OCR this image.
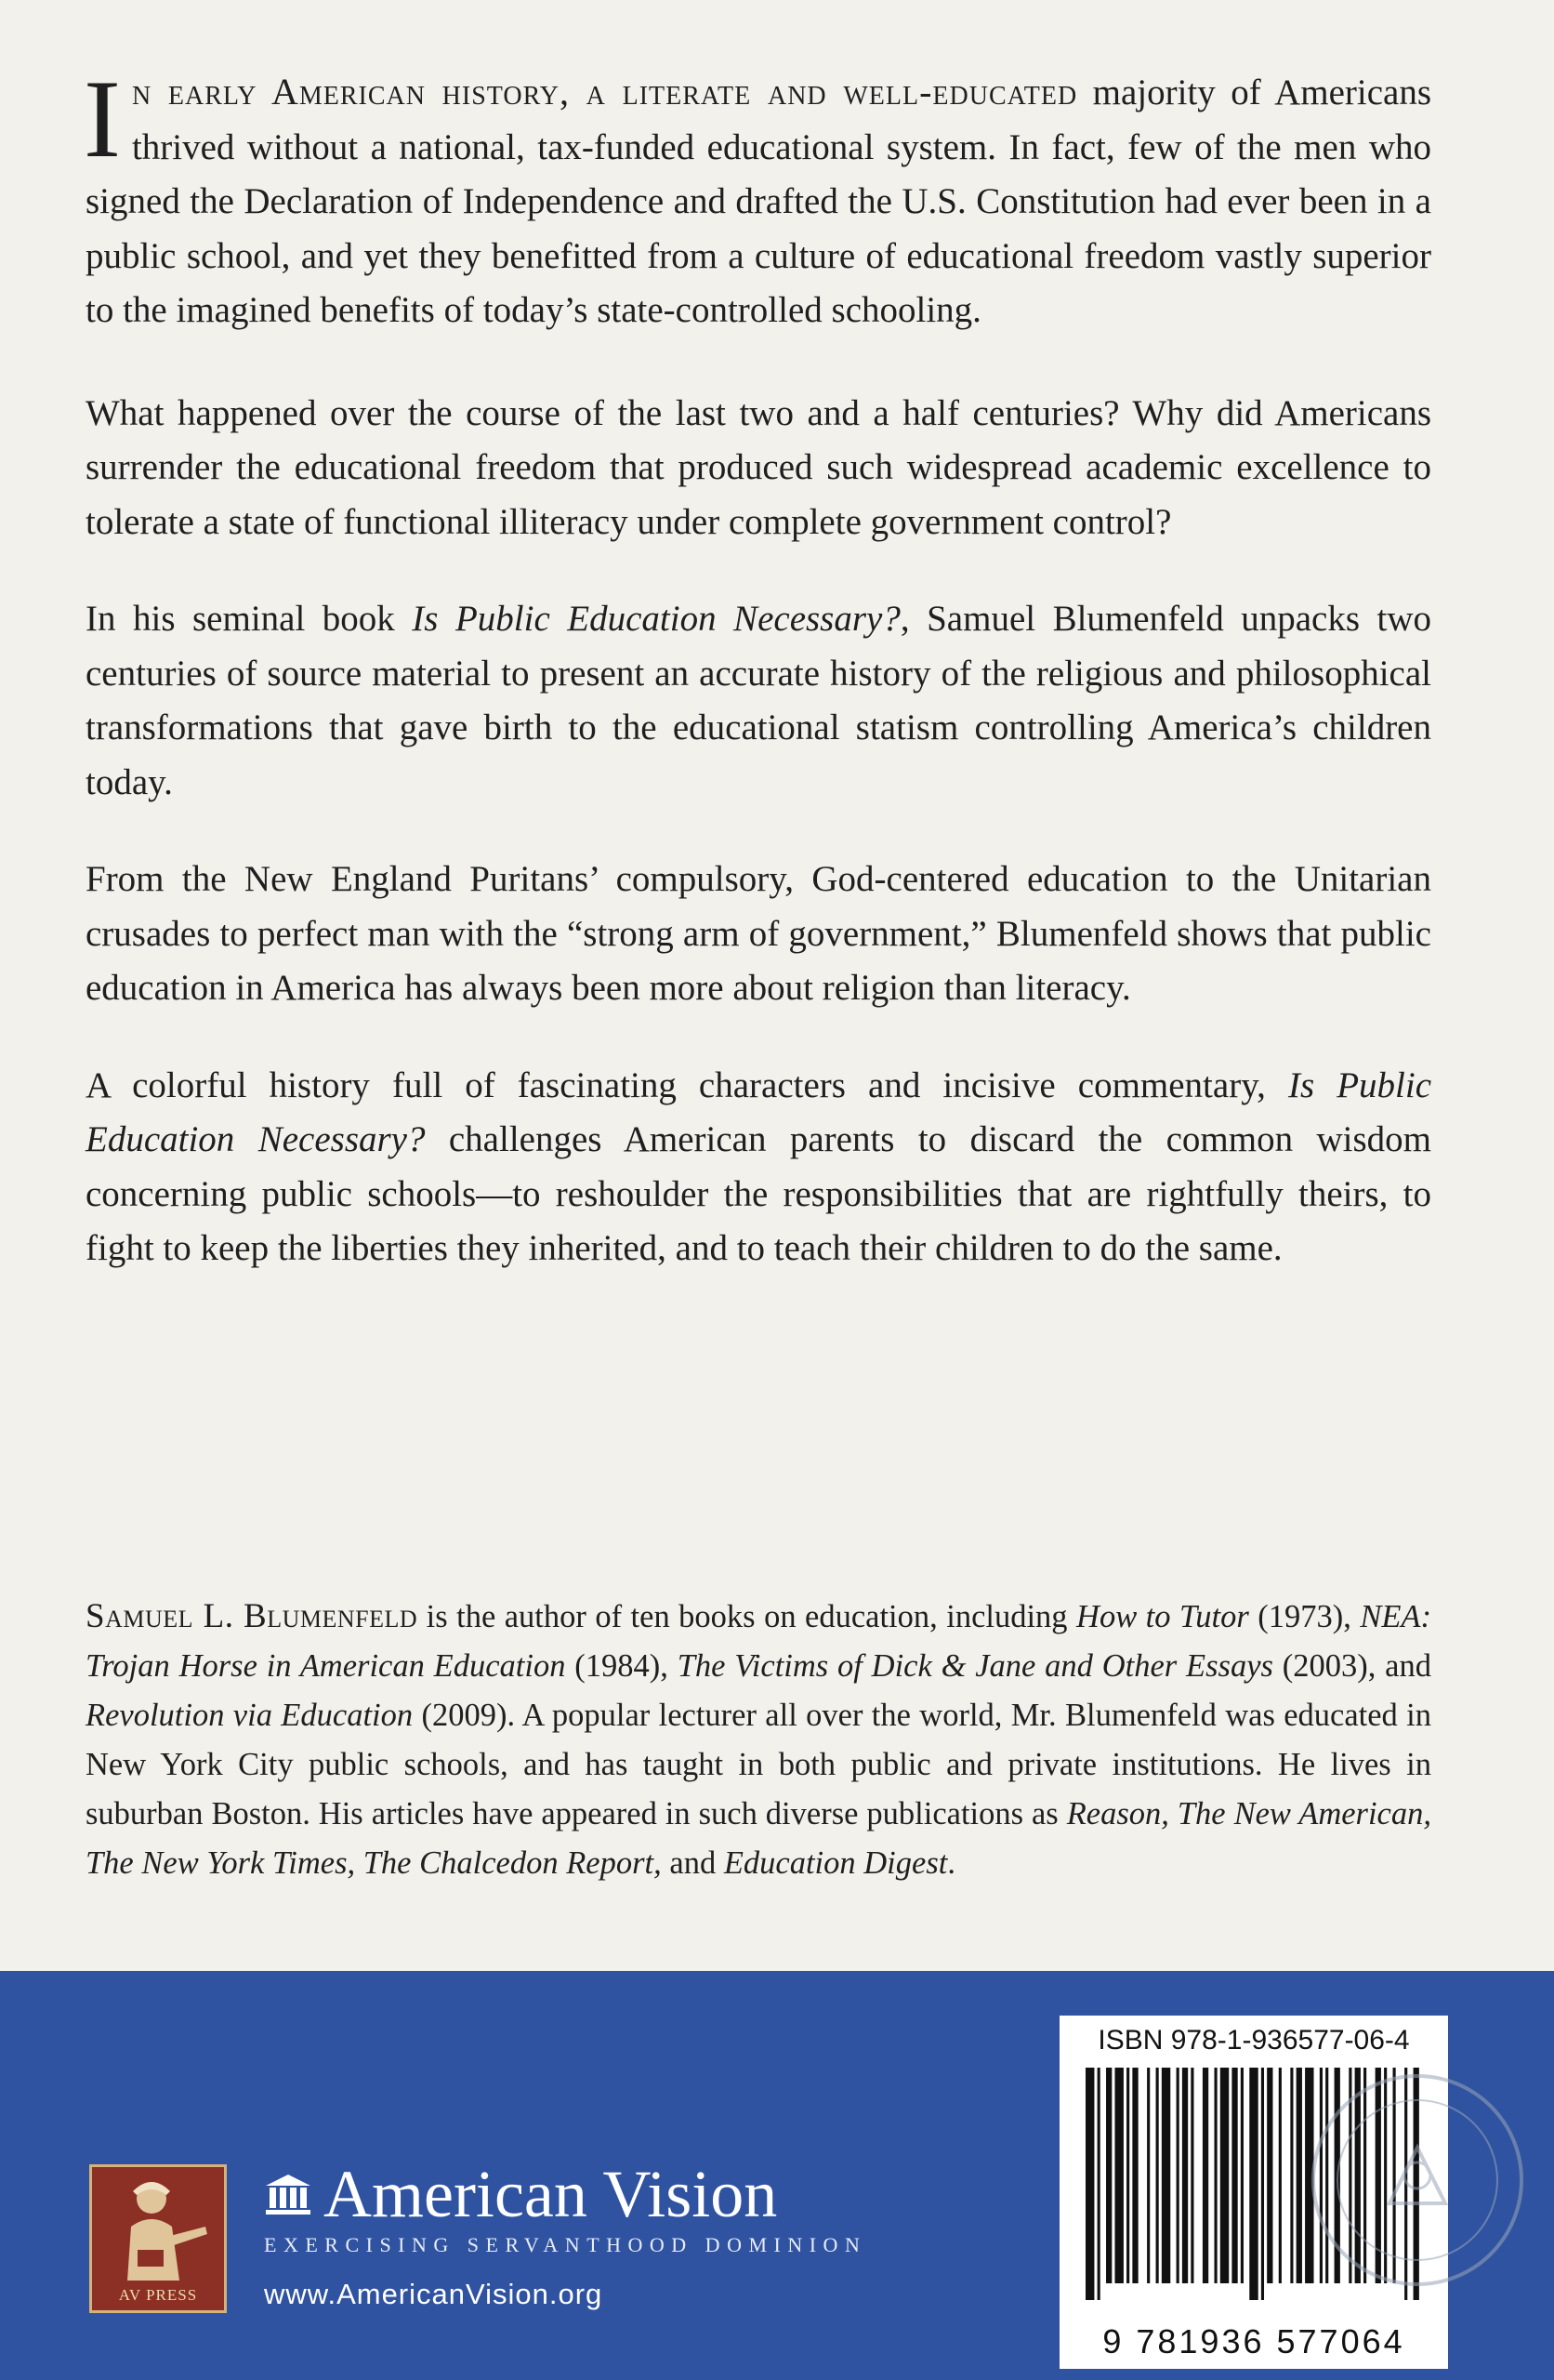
In early American history, a literate and well-educated majority of Americans thrived without a national, tax-funded educational system. In fact, few of the men who signed the Declaration of Independence and drafted the U.S. Constitution had ever been in a public school, and yet they benefitted from a culture of educational freedom vastly superior to the imagined benefits of today’s state-controlled schooling.

What happened over the course of the last two and a half centuries? Why did Americans surrender the educational freedom that produced such widespread academic excellence to tolerate a state of functional illiteracy under complete government control?

In his seminal book Is Public Education Necessary?, Samuel Blumenfeld unpacks two centuries of source material to present an accurate history of the religious and philosophical transformations that gave birth to the educational statism controlling America’s children today.

From the New England Puritans’ compulsory, God-centered education to the Unitarian crusades to perfect man with the “strong arm of government,” Blumenfeld shows that public education in America has always been more about religion than literacy.

A colorful history full of fascinating characters and incisive commentary, Is Public Education Necessary? challenges American parents to discard the common wisdom concerning public schools—to reshoulder the responsibilities that are rightfully theirs, to fight to keep the liberties they inherited, and to teach their children to do the same.

Samuel L. Blumenfeld is the author of ten books on education, including How to Tutor (1973), NEA: Trojan Horse in American Education (1984), The Victims of Dick & Jane and Other Essays (2003), and Revolution via Education (2009). A popular lecturer all over the world, Mr. Blumenfeld was educated in New York City public schools, and has taught in both public and private institutions. He lives in suburban Boston. His articles have appeared in such diverse publications as Reason, The New American, The New York Times, The Chalcedon Report, and Education Digest.

AV PRESS
American Vision
EXERCISING SERVANTHOOD DOMINION
www.AmericanVision.org
ISBN 978-1-936577-06-4
9 781936 577064
